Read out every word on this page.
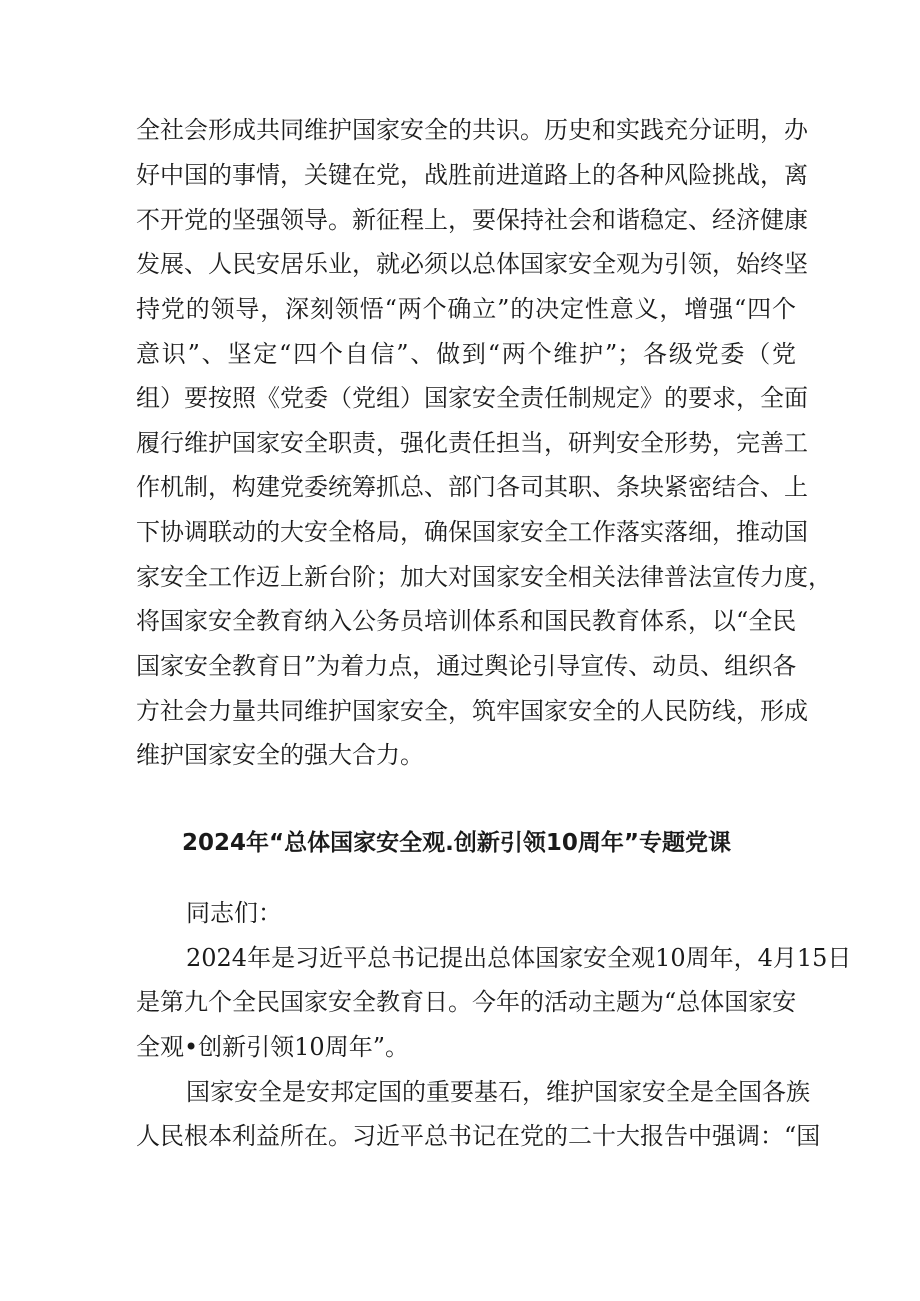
全社会形成共同维护国家安全的共识。历史和实践充分证明，办
好中国的事情，关键在党，战胜前进道路上的各种风险挑战，离
不开党的坚强领导。新征程上，要保持社会和谐稳定、经济健康
发展、人民安居乐业，就必须以总体国家安全观为引领，始终坚
持党的领导，深刻领悟“两个确立”的决定性意义，增强“四个
意识”、坚定“四个自信”、做到“两个维护”；各级党委（党
组）要按照《党委（党组）国家安全责任制规定》的要求，全面
履行维护国家安全职责，强化责任担当，研判安全形势，完善工
作机制，构建党委统筹抓总、部门各司其职、条块紧密结合、上
下协调联动的大安全格局，确保国家安全工作落实落细，推动国
家安全工作迈上新台阶；加大对国家安全相关法律普法宣传力度，
将国家安全教育纳入公务员培训体系和国民教育体系，以“全民
国家安全教育日”为着力点，通过舆论引导宣传、动员、组织各
方社会力量共同维护国家安全，筑牢国家安全的人民防线，形成
维护国家安全的强大合力。
2024年“总体国家安全观.创新引领10周年”专题党课
同志们：
2024年是习近平总书记提出总体国家安全观10周年，4月15日
是第九个全民国家安全教育日。今年的活动主题为“总体国家安
全观•创新引领10周年”。
国家安全是安邦定国的重要基石，维护国家安全是全国各族
人民根本利益所在。习近平总书记在党的二十大报告中强调：“国
